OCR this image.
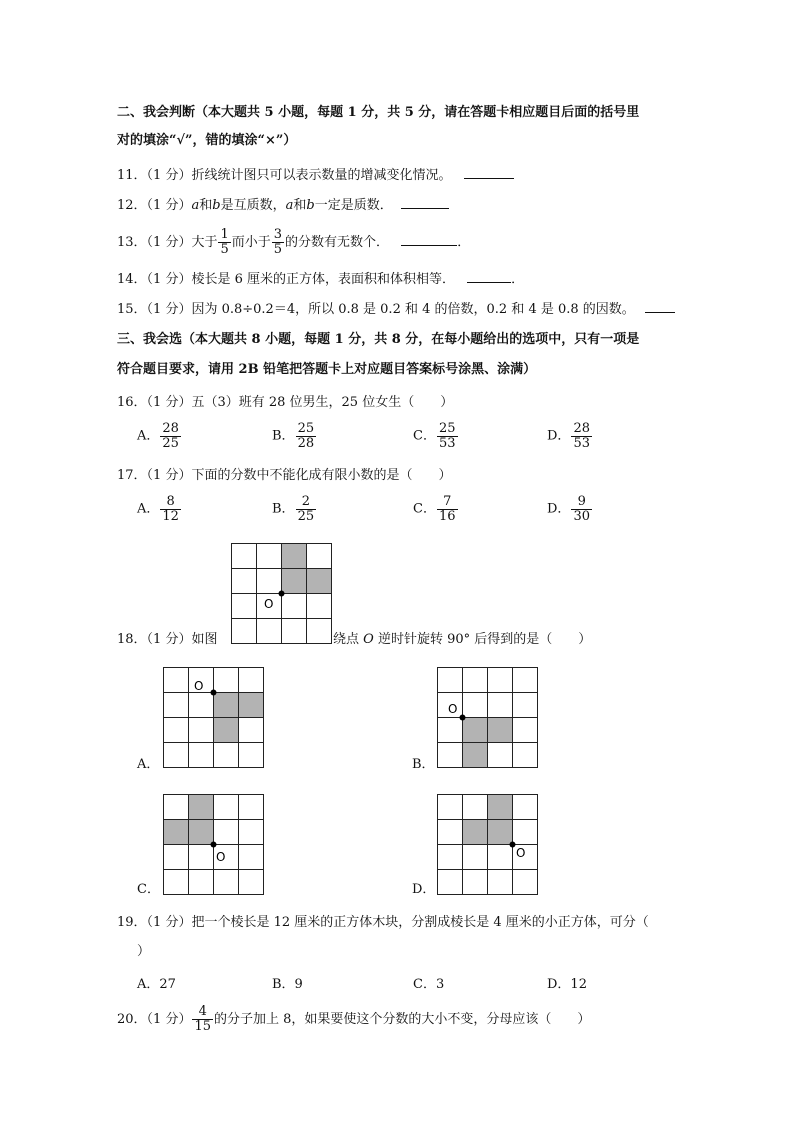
二、我会判断（本大题共 5 小题，每题 1 分，共 5 分，请在答题卡相应题目后面的括号里
对的填涂“√”，错的填涂“×”）
11．（1 分）折线统计图只可以表示数量的增减变化情况。
12．（1 分）a和b是互质数，a和b一定是质数．
13．（1 分）大于 $\frac{1}{5}$ 而小于 $\frac{3}{5}$ 的分数有无数个．	．
14．（1 分）棱长是 6 厘米的正方体，表面积和体积相等．	．
15．（1 分）因为 0.8÷0.2＝4，所以 0.8 是 0.2 和 4 的倍数，0.2 和 4 是 0.8 的因数。
三、我会选（本大题共 8 小题，每题 1 分，共 8 分，在每小题给出的选项中，只有一项是
符合题目要求，请用 2B 铅笔把答题卡上对应题目答案标号涂黑、涂满）
16．（1 分）五（3）班有 28 位男生，25 位女生（　　）
A． $\frac{28}{25}$	B． $\frac{25}{28}$	C． $\frac{25}{53}$	D． $\frac{28}{53}$
17．（1 分）下面的分数中不能化成有限小数的是（　　）
A． $\frac{8}{12}$	B． $\frac{2}{25}$	C． $\frac{7}{16}$	D． $\frac{9}{30}$
18．（1 分）如图
O
绕点 O 逆时针旋转 90° 后得到的是（　　）
A．
O
B．
O
C．
O
D．
O
19．（1 分）把一个棱长是 12 厘米的正方体木块，分割成棱长是 4 厘米的小正方体，可分（
）
A．27	B．9	C．3	D．12
20．（1 分） $\frac{4}{15}$ 的分子加上 8，如果要使这个分数的大小不变，分母应该（　　）
